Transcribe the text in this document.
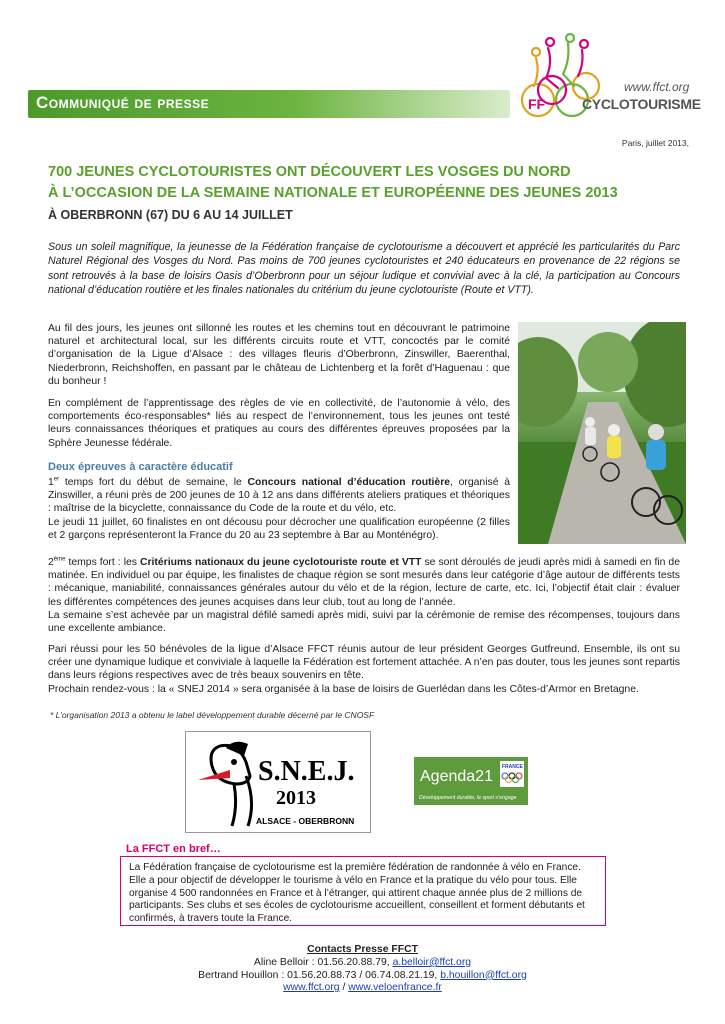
Communiqué de presse
www.ffct.org
FF	CYCLOTOURISME
Paris, juillet 2013,
700 JEUNES CYCLOTOURISTES ONT DÉCOUVERT LES VOSGES DU NORD
À L’OCCASION DE LA SEMAINE NATIONALE ET EUROPÉENNE DES JEUNES 2013
À OBERBRONN (67) DU 6 AU 14 JUILLET
Sous un soleil magnifique, la jeunesse de la Fédération française de cyclotourisme a découvert et apprécié les particularités du Parc Naturel Régional des Vosges du Nord. Pas moins de 700 jeunes cyclotouristes et 240 éducateurs en provenance de 22 régions se sont retrouvés à la base de loisirs Oasis d’Oberbronn pour un séjour ludique et convivial avec à la clé, la participation au Concours national d’éducation routière et les finales nationales du critérium du jeune cyclotouriste (Route et VTT).

Au fil des jours, les jeunes ont sillonné les routes et les chemins tout en découvrant le patrimoine naturel et architectural local, sur les différents circuits route et VTT, concoctés par le comité d’organisation de la Ligue d’Alsace : des villages fleuris d’Oberbronn, Zinswiller, Baerenthal, Niederbronn, Reichshoffen, en passant par le château de Lichtenberg et la forêt d’Haguenau : que du bonheur !

En complément de l’apprentissage des règles de vie en collectivité, de l’autonomie à vélo, des comportements éco-responsables* liés au respect de l’environnement, tous les jeunes ont testé leurs connaissances théoriques et pratiques au cours des différentes épreuves proposées par la Sphère Jeunesse fédérale.

Deux épreuves à caractère éducatif
1er temps fort du début de semaine, le Concours national d’éducation routière, organisé à Zinswiller, a réuni près de 200 jeunes de 10 à 12 ans dans différents ateliers pratiques et théoriques : maîtrise de la bicyclette, connaissance du Code de la route et du vélo, etc.
Le jeudi 11 juillet, 60 finalistes en ont décousu pour décrocher une qualification européenne (2 filles et 2 garçons représenteront la France du 20 au 23 septembre à Bar au Monténégro).
2ème temps fort : les Critériums nationaux du jeune cyclotouriste route et VTT se sont déroulés de jeudi après midi à samedi en fin de matinée. En individuel ou par équipe, les finalistes de chaque région se sont mesurés dans leur catégorie d’âge autour de différents tests : mécanique, maniabilité, connaissances générales autour du vélo et de la région, lecture de carte, etc. Ici, l’objectif était clair : évaluer les différentes compétences des jeunes acquises dans leur club, tout au long de l’année.
La semaine s’est achevée par un magistral défilé samedi après midi, suivi par la cérémonie de remise des récompenses, toujours dans une excellente ambiance.
Pari réussi pour les 50 bénévoles de la ligue d’Alsace FFCT réunis autour de leur président Georges Gutfreund. Ensemble, ils ont su créer une dynamique ludique et conviviale à laquelle la Fédération est fortement attachée. A n’en pas douter, tous les jeunes sont repartis dans leurs régions respectives avec de très beaux souvenirs en tête.
Prochain rendez-vous : la « SNEJ 2014 » sera organisée à la base de loisirs de Guerlédan dans les Côtes-d’Armor en Bretagne.
* L’organisation 2013 a obtenu le label développement durable décerné par le CNOSF
S.N.E.J.
2013
ALSACE - OBERBRONN
Agenda21
FRANCE
Développement durable, le sport s’engage
La FFCT en bref…
La Fédération française de cyclotourisme est la première fédération de randonnée à vélo en France. Elle a pour objectif de développer le tourisme à vélo en France et la pratique du vélo pour tous. Elle organise 4 500 randonnées en France et à l’étranger, qui attirent chaque année plus de 2 millions de participants. Ses clubs et ses écoles de cyclotourisme accueillent, conseillent et forment débutants et confirmés, à travers toute la France.
Contacts Presse FFCT
Aline Belloir : 01.56.20.88.79, a.belloir@ffct.org
Bertrand Houillon : 01.56.20.88.73 / 06.74.08.21.19, b.houillon@ffct.org
www.ffct.org / www.veloenfrance.fr
